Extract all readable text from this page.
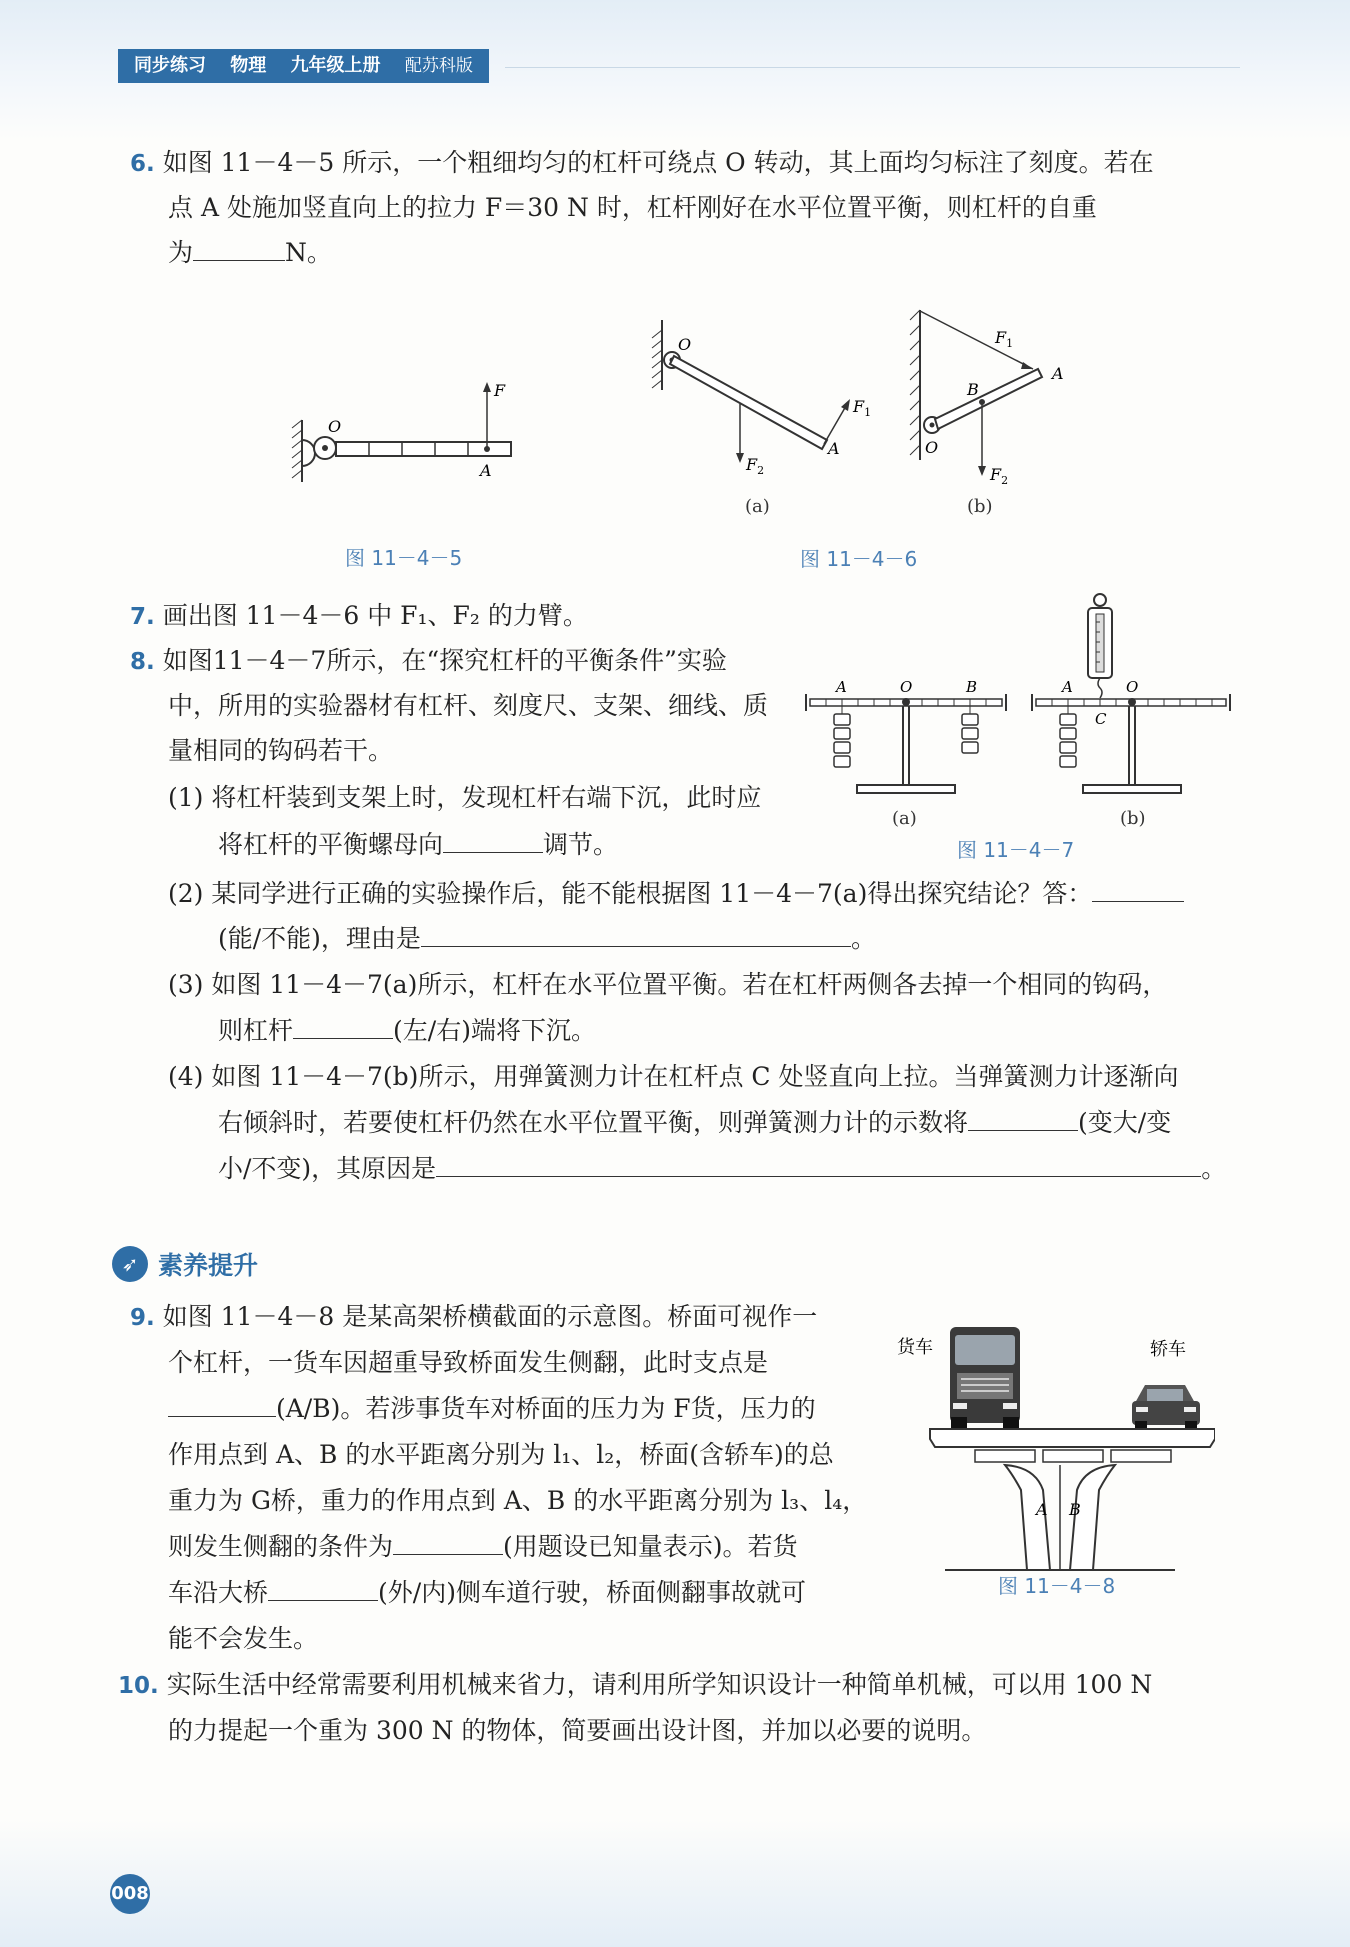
同步练习 物理 九年级上册 配苏科版
6. 如图 11－4－5 所示，一个粗细均匀的杠杆可绕点 O 转动，其上面均匀标注了刻度。若在
点 A 处施加竖直向上的拉力 F＝30 N 时，杠杆刚好在水平位置平衡，则杠杆的自重
为	N。
F
O
A
图 11－4－5
O
A
$F_1$
$F_2$
(a)
$F_1$
A
B
O
$F_2$
(b)
图 11－4－6
7. 画出图 11－4－6 中 F₁、F₂ 的力臂。
8. 如图11－4－7所示，在“探究杠杆的平衡条件”实验
中，所用的实验器材有杠杆、刻度尺、支架、细线、质
量相同的钩码若干。
(1) 将杠杆装到支架上时，发现杠杆右端下沉，此时应
将杠杆的平衡螺母向	调节。
A	O	B	A	O
C
(a)	(b)
图 11－4－7
(2) 某同学进行正确的实验操作后，能不能根据图 11－4－7(a)得出探究结论？答：
(能/不能)，理由是	。
(3) 如图 11－4－7(a)所示，杠杆在水平位置平衡。若在杠杆两侧各去掉一个相同的钩码，
则杠杆	(左/右)端将下沉。
(4) 如图 11－4－7(b)所示，用弹簧测力计在杠杆点 C 处竖直向上拉。当弹簧测力计逐渐向
右倾斜时，若要使杠杆仍然在水平位置平衡，则弹簧测力计的示数将	(变大/变
小/不变)，其原因是	。
➶ 素养提升
9. 如图 11－4－8 是某高架桥横截面的示意图。桥面可视作一
个杠杆，一货车因超重导致桥面发生侧翻，此时支点是
(A/B)。若涉事货车对桥面的压力为 F货，压力的
作用点到 A、B 的水平距离分别为 l₁、l₂，桥面(含轿车)的总
重力为 G桥，重力的作用点到 A、B 的水平距离分别为 l₃、l₄，
则发生侧翻的条件为	(用题设已知量表示)。若货
车沿大桥	(外/内)侧车道行驶，桥面侧翻事故就可
能不会发生。
货车	轿车
A B
图 11－4－8
10. 实际生活中经常需要利用机械来省力，请利用所学知识设计一种简单机械，可以用 100 N
的力提起一个重为 300 N 的物体，简要画出设计图，并加以必要的说明。
008
